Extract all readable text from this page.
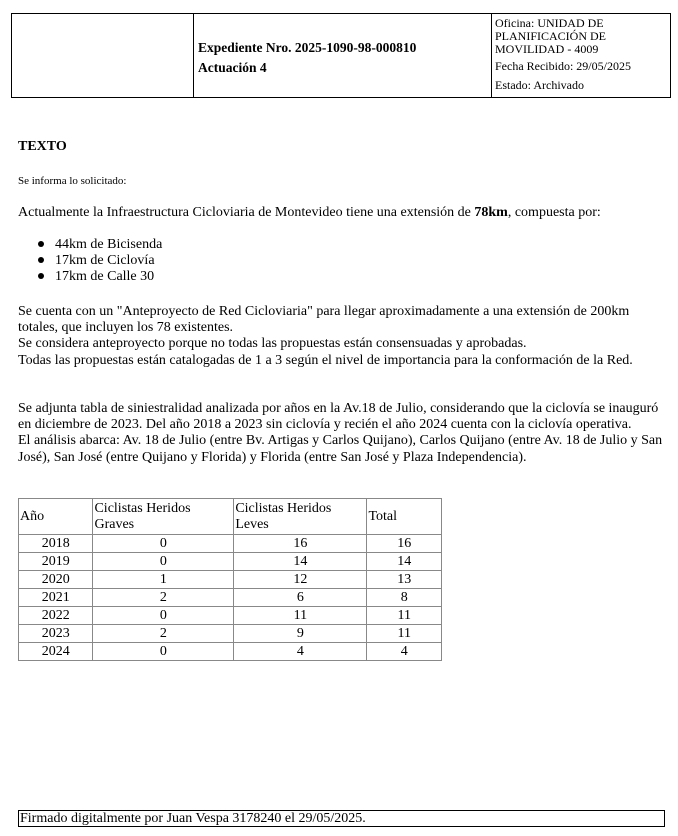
Expediente Nro. 2025-1090-98-000810
Actuación 4
Oficina: UNIDAD DE PLANIFICACIÓN DE MOVILIDAD - 4009
Fecha Recibido: 29/05/2025
Estado: Archivado
TEXTO
Se informa lo solicitado:
Actualmente la Infraestructura Cicloviaria de Montevideo tiene una extensión de 78km, compuesta por:
44km de Bicisenda
17km de Ciclovía
17km de Calle 30
Se cuenta con un "Anteproyecto de Red Cicloviaria" para llegar aproximadamente a una extensión de 200km totales, que incluyen los 78 existentes.
Se considera anteproyecto porque no todas las propuestas están consensuadas y aprobadas.
Todas las propuestas están catalogadas de 1 a 3 según el nivel de importancia para la conformación de la Red.
Se adjunta tabla de siniestralidad analizada por años en la Av.18 de Julio, considerando que la ciclovía se inauguró en diciembre de 2023. Del año 2018 a 2023 sin ciclovía y recién el año 2024 cuenta con la ciclovía operativa.
El análisis abarca: Av. 18 de Julio (entre Bv. Artigas y Carlos Quijano), Carlos Quijano (entre Av. 18 de Julio y San José), San José (entre Quijano y Florida) y Florida (entre San José y Plaza Independencia).
Año	Ciclistas Heridos Graves	Ciclistas Heridos Leves	Total
2018	0	16	16
2019	0	14	14
2020	1	12	13
2021	2	6	8
2022	0	11	11
2023	2	9	11
2024	0	4	4
Firmado digitalmente por Juan Vespa 3178240 el 29/05/2025.
